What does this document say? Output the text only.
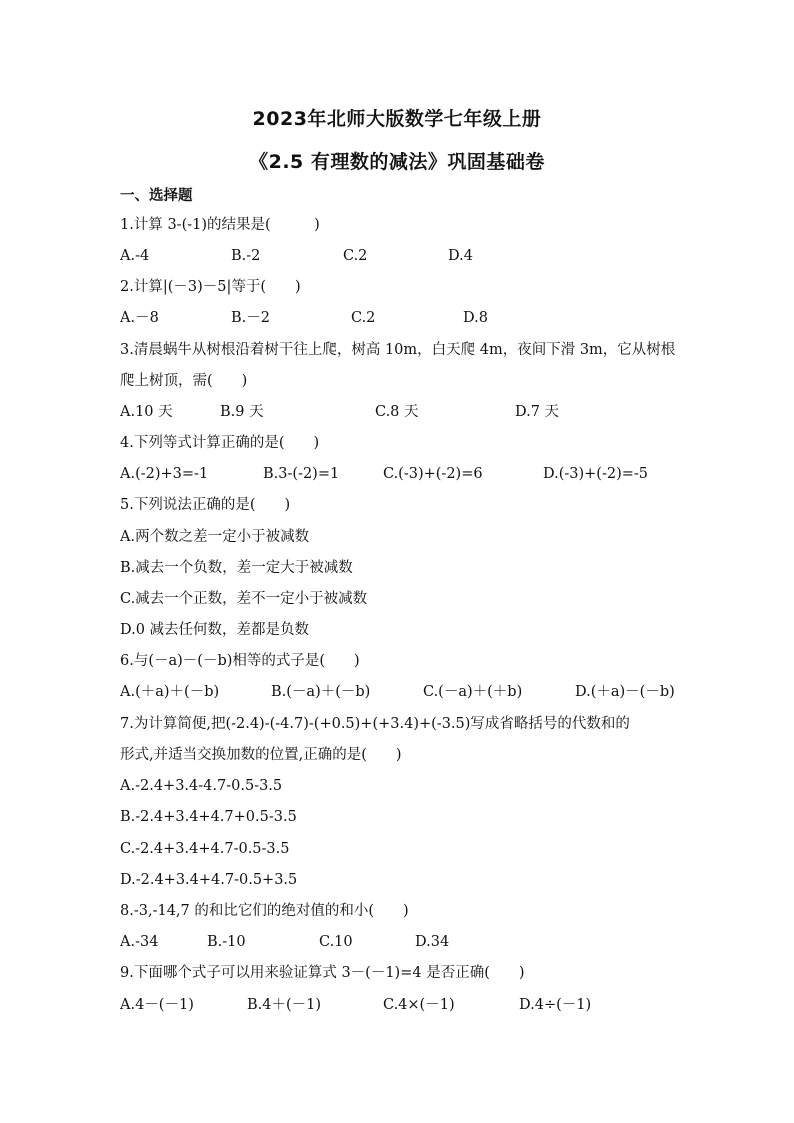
2023年北师大版数学七年级上册
《2.5 有理数的减法》巩固基础卷
一、选择题
1.计算 3-(-1)的结果是(　　　)
A.-4	B.-2	C.2	D.4
2.计算|(－3)－5|等于(　　)
A.－8	B.－2	C.2	D.8
3.清晨蜗牛从树根沿着树干往上爬，树高 10m，白天爬 4m，夜间下滑 3m，它从树根
爬上树顶，需(　　)
A.10 天	B.9 天	C.8 天	D.7 天
4.下列等式计算正确的是(　　)
A.(-2)+3=-1	B.3-(-2)=1	C.(-3)+(-2)=6	D.(-3)+(-2)=-5
5.下列说法正确的是(　　)
A.两个数之差一定小于被减数
B.减去一个负数，差一定大于被减数
C.减去一个正数，差不一定小于被减数
D.0 减去任何数，差都是负数
6.与(－a)－(－b)相等的式子是(　　)
A.(＋a)＋(－b)	B.(－a)＋(－b)	C.(－a)＋(＋b)	D.(＋a)－(－b)
7.为计算简便,把(-2.4)-(-4.7)-(+0.5)+(+3.4)+(-3.5)写成省略括号的代数和的
形式,并适当交换加数的位置,正确的是(　　)
A.-2.4+3.4-4.7-0.5-3.5
B.-2.4+3.4+4.7+0.5-3.5
C.-2.4+3.4+4.7-0.5-3.5
D.-2.4+3.4+4.7-0.5+3.5
8.-3,-14,7 的和比它们的绝对值的和小(　　)
A.-34	B.-10	C.10	D.34
9.下面哪个式子可以用来验证算式 3－(－1)=4 是否正确(　　)
A.4－(－1)	B.4＋(－1)	C.4×(－1)	D.4÷(－1)
